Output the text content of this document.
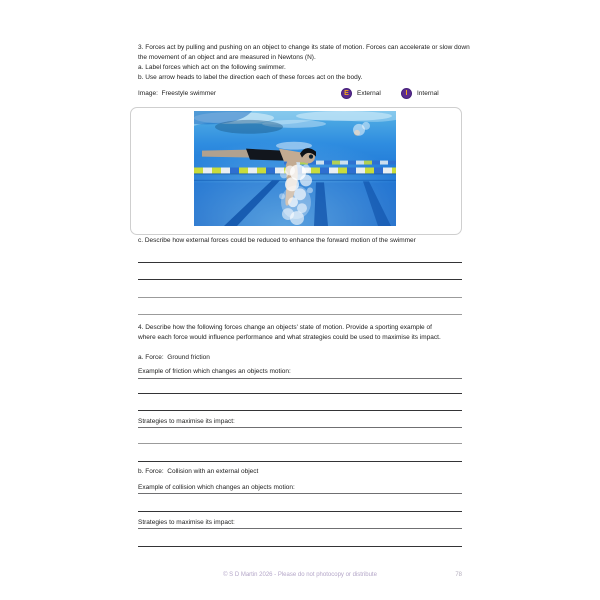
3. Forces act by pulling and pushing on an object to change its state of motion. Forces can accelerate or slow down the movement of an object and are measured in Newtons (N).
a. Label forces which act on the following swimmer.
b. Use arrow heads to label the direction each of these forces act on the body.
Image:  Freestyle swimmer	E External	I Internal
c. Describe how external forces could be reduced to enhance the forward motion of the swimmer
4. Describe how the following forces change an objects' state of motion. Provide a sporting example of where each force would influence performance and what strategies could be used to maximise its impact.
a. Force:  Ground friction
Example of friction which changes an objects motion:
Strategies to maximise its impact:
b. Force:  Collision with an external object
Example of collision which changes an objects motion:
Strategies to maximise its impact:
© S D Martin 2026 - Please do not photocopy or distribute	78
